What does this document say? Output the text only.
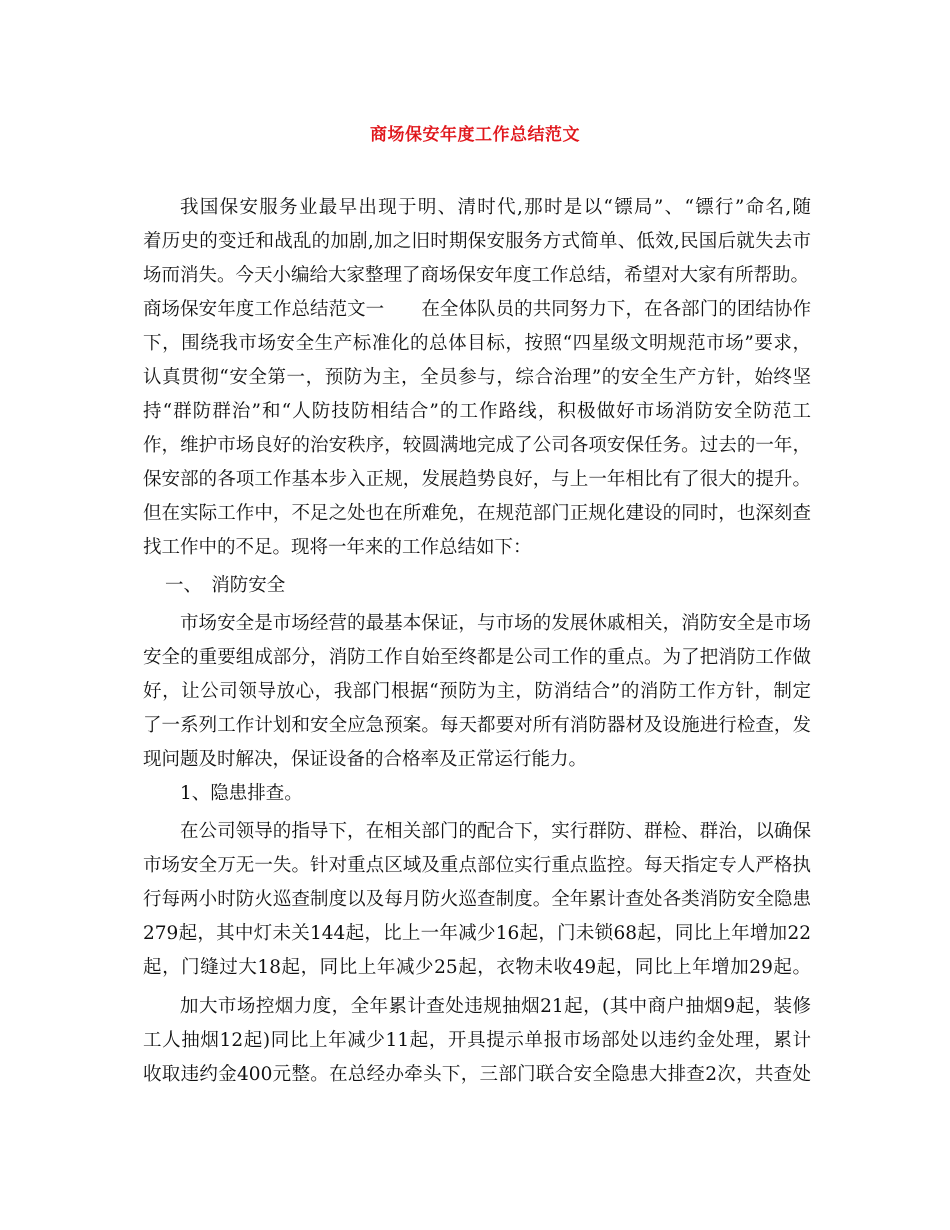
商场保安年度工作总结范文
我国保安服务业最早出现于明、清时代,那时是以“镖局”、“镖行”命名,随
着历史的变迁和战乱的加剧,加之旧时期保安服务方式简单、低效,民国后就失去市
场而消失。今天小编给大家整理了商场保安年度工作总结，希望对大家有所帮助。
商场保安年度工作总结范文一　　在全体队员的共同努力下，在各部门的团结协作
下，围绕我市场安全生产标准化的总体目标，按照“四星级文明规范市场”要求，
认真贯彻“安全第一，预防为主，全员参与，综合治理”的安全生产方针，始终坚
持“群防群治”和“人防技防相结合”的工作路线，积极做好市场消防安全防范工
作，维护市场良好的治安秩序，较圆满地完成了公司各项安保任务。过去的一年，
保安部的各项工作基本步入正规，发展趋势良好，与上一年相比有了很大的提升。
但在实际工作中，不足之处也在所难免，在规范部门正规化建设的同时，也深刻查
找工作中的不足。现将一年来的工作总结如下：
一、　消防安全
市场安全是市场经营的最基本保证，与市场的发展休戚相关，消防安全是市场
安全的重要组成部分，消防工作自始至终都是公司工作的重点。为了把消防工作做
好，让公司领导放心，我部门根据“预防为主，防消结合”的消防工作方针，制定
了一系列工作计划和安全应急预案。每天都要对所有消防器材及设施进行检查，发
现问题及时解决，保证设备的合格率及正常运行能力。
1、隐患排查。
在公司领导的指导下，在相关部门的配合下，实行群防、群检、群治，以确保
市场安全万无一失。针对重点区域及重点部位实行重点监控。每天指定专人严格执
行每两小时防火巡查制度以及每月防火巡查制度。全年累计查处各类消防安全隐患
279起，其中灯未关144起，比上一年减少16起，门未锁68起，同比上年增加22
起，门缝过大18起，同比上年减少25起，衣物未收49起，同比上年增加29起。
加大市场控烟力度，全年累计查处违规抽烟21起，(其中商户抽烟9起，装修
工人抽烟12起)同比上年减少11起，开具提示单报市场部处以违约金处理，累计
收取违约金400元整。在总经办牵头下，三部门联合安全隐患大排查2次，共查处
